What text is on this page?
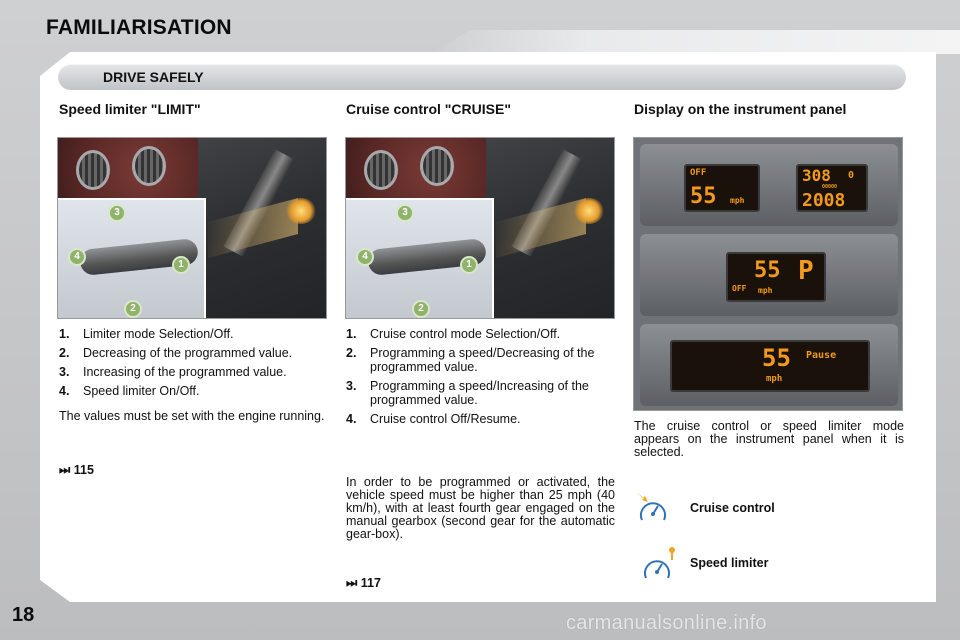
FAMILIARISATION
DRIVE SAFELY
Speed limiter "LIMIT"	Cruise control "CRUISE"	Display on the instrument panel
1
2
3
4
1
2
3
4
OFF
55 mph
308 0
00000
2008
OFF
55
mph
P
55
mph
Pause
1. Limiter mode Selection/Off.
2. Decreasing of the programmed value.
3. Increasing of the programmed value.
4. Speed limiter On/Off.
The values must be set with the engine running.
⏭ 115
1. Cruise control mode Selection/Off.
2. Programming a speed/Decreasing of the programmed value.
3. Programming a speed/Increasing of the programmed value.
4. Cruise control Off/Resume.
In order to be programmed or activated, the vehicle speed must be higher than 25 mph (40 km/h), with at least fourth gear engaged on the manual gearbox (second gear for the automatic gear-box).
⏭ 117
The cruise control or speed limiter mode appears on the instrument panel when it is selected.
Cruise control
Speed limiter
18	carmanualsonline.info
